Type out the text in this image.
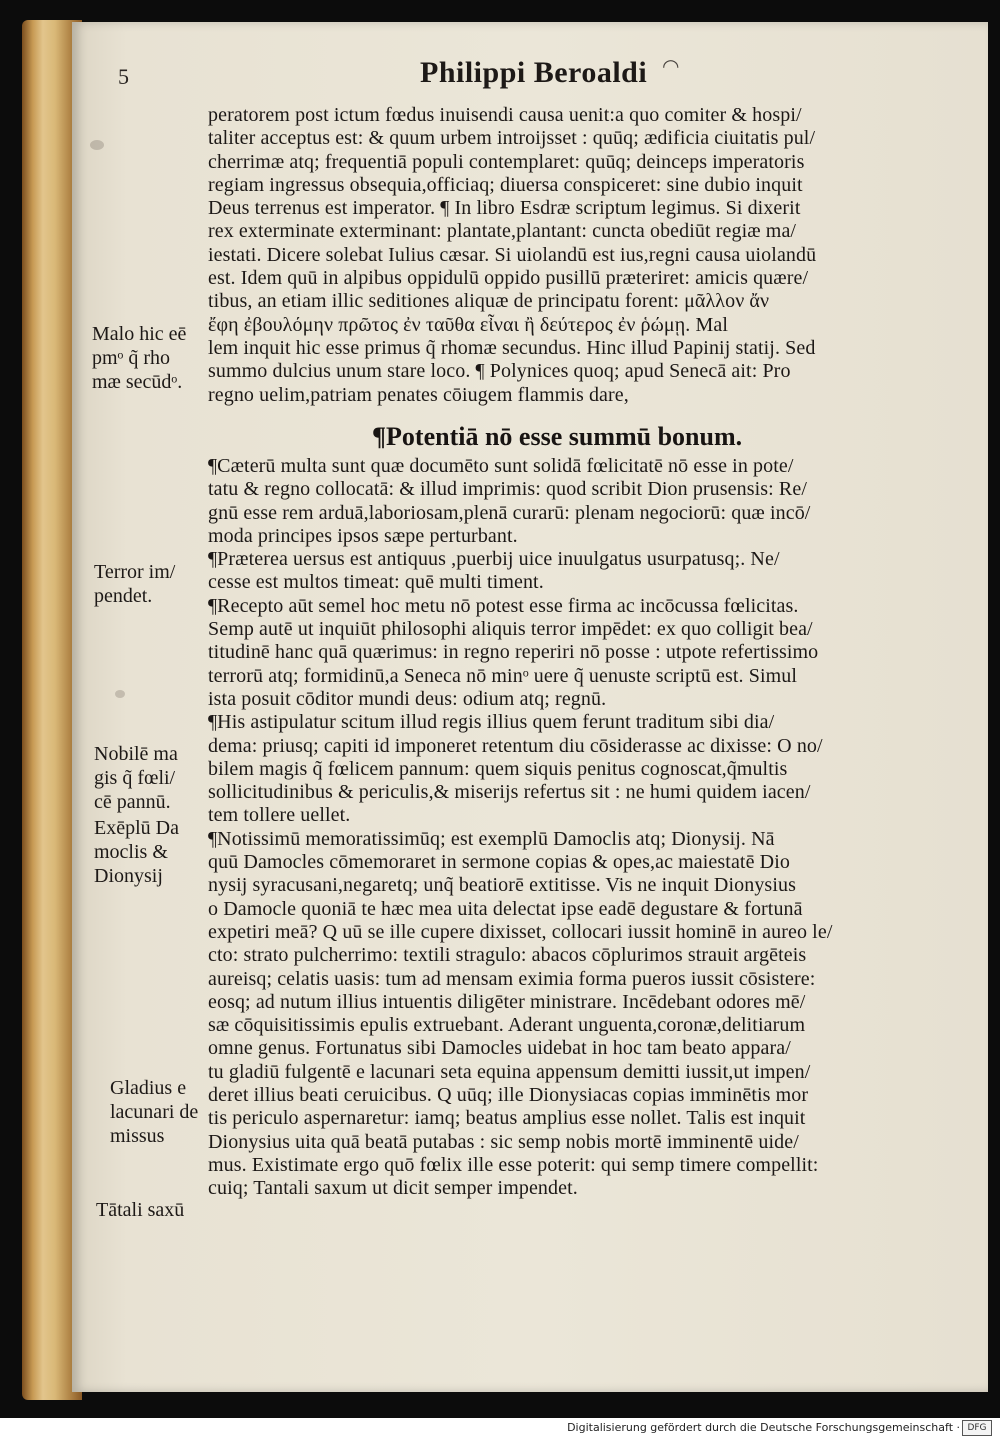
5	Philippi Beroaldi ◠
peratorem post ictum fœdus inuisendi causa uenit:a quo comiter & hospi/
taliter acceptus est: & quum urbem introijsset : quūq; ædificia ciuitatis pul/
cherrimæ atq; frequentiā populi contemplaret: quūq; deinceps imperatoris
regiam ingressus obsequia,officiaq; diuersa conspiceret: sine dubio inquit
Deus terrenus est imperator. ¶ In libro Esdræ scriptum legimus. Si dixerit
rex exterminate exterminant: plantate,plantant: cuncta obediūt regiæ ma/
iestati. Dicere solebat Iulius cæsar. Si uiolandū est ius,regni causa uiolandū
est. Idem quū in alpibus oppidulū oppido pusillū præteriret: amicis quære/
tibus, an etiam illic seditiones aliquæ de principatu forent: μᾶλλον ἄν
ἔφη ἐβουλόμην πρῶτος ἐν ταῦθα εἶναι ἢ δεύτερος ἐν ῥώμῃ. Mal
lem inquit hic esse primus q̃ rhomæ secundus. Hinc illud Papinij statij. Sed
summo dulcius unum stare loco. ¶ Polynices quoq; apud Senecā ait: Pro
regno uelim,patriam penates cōiugem flammis dare,
¶Potentiā nō esse summū bonum.
¶Cæterū multa sunt quæ documēto sunt solidā fœlicitatē nō esse in pote/
tatu & regno collocatā: & illud imprimis: quod scribit Dion prusensis: Re/
gnū esse rem arduā,laboriosam,plenā curarū: plenam negociorū: quæ incō/
moda principes ipsos sæpe perturbant.
¶Præterea uersus est antiquus ,puerbij uice inuulgatus usurpatusq;. Ne/
cesse est multos timeat: quē multi timent.
¶Recepto aūt semel hoc metu nō potest esse firma ac incōcussa fœlicitas.
Semp autē ut inquiūt philosophi aliquis terror impēdet: ex quo colligit bea/
titudinē hanc quā quærimus: in regno reperiri nō posse : utpote refertissimo
terrorū atq; formidinū,a Seneca nō minᵒ uere q̃ uenuste scriptū est. Simul
ista posuit cōditor mundi deus: odium atq; regnū.
¶His astipulatur scitum illud regis illius quem ferunt traditum sibi dia/
dema: priusq; capiti id imponeret retentum diu cōsiderasse ac dixisse: O no/
bilem magis q̃ fœlicem pannum: quem siquis penitus cognoscat,q̃multis
sollicitudinibus & periculis,& miserijs refertus sit : ne humi quidem iacen/
tem tollere uellet.
¶Notissimū memoratissimūq; est exemplū Damoclis atq; Dionysij. Nā
quū Damocles cōmemoraret in sermone copias & opes,ac maiestatē Dio
nysij syracusani,negaretq; unq̃ beatiorē extitisse. Vis ne inquit Dionysius
o Damocle quoniā te hæc mea uita delectat ipse eadē degustare & fortunā
expetiri meā? Q uū se ille cupere dixisset, collocari iussit hominē in aureo le/
cto: strato pulcherrimo: textili stragulo: abacos cōplurimos strauit argēteis
aureisq; celatis uasis: tum ad mensam eximia forma pueros iussit cōsistere:
eosq; ad nutum illius intuentis diligēter ministrare. Incēdebant odores mē/
sæ cōquisitissimis epulis extruebant. Aderant unguenta,coronæ,delitiarum
omne genus. Fortunatus sibi Damocles uidebat in hoc tam beato appara/
tu gladiū fulgentē e lacunari seta equina appensum demitti iussit,ut impen/
deret illius beati ceruicibus. Q uūq; ille Dionysiacas copias imminētis mor
tis periculo aspernaretur: iamq; beatus amplius esse nollet. Talis est inquit
Dionysius uita quā beatā putabas : sic semp nobis mortē imminentē uide/
mus. Existimate ergo quō fœlix ille esse poterit: qui semp timere compellit:
cuiq; Tantali saxum ut dicit semper impendet.
Malo hic eē
pmᵒ q̃ rho
mæ secūdᵒ.
Terror im/
pendet.
Nobilē ma
gis q̃ fœli/
cē pannū.
Exēplū Da
moclis &
Dionysij
Gladius e
lacunari de
missus
Tātali saxū
Digitalisierung gefördert durch die Deutsche Forschungsgemeinschaft · DFG
